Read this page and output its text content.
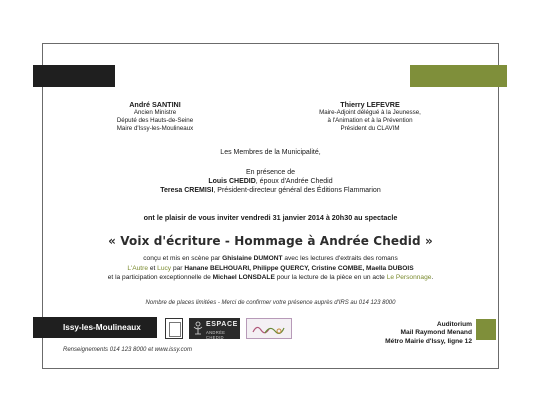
André SANTINI
Ancien Ministre
Député des Hauts-de-Seine
Maire d'Issy-les-Moulineaux
Thierry LEFEVRE
Maire-Adjoint délégué à la Jeunesse,
à l'Animation et à la Prévention
Président du CLAVIM
Les Membres de la Municipalité,
En présence de
Louis CHEDID, époux d'Andrée Chedid
Teresa CREMISI, Président-directeur général des Éditions Flammarion
ont le plaisir de vous inviter vendredi 31 janvier 2014 à 20h30 au spectacle
« Voix d'écriture - Hommage à Andrée Chedid »
conçu et mis en scène par Ghislaine DUMONT avec les lectures d'extraits des romans
L'Autre et Lucy par Hanane BELHOUARI, Philippe QUERCY, Cristine COMBE, Maella DUBOIS
et la participation exceptionnelle de Michael LONSDALE pour la lecture de la pièce en un acte Le Personnage.
Nombre de places limitées - Merci de confirmer votre présence auprès d'IRS au 014 123 8000
Issy-les-Moulineaux	ESPACE
ANDRÉE CHEDID
Auditorium
Mail Raymond Menand
Métro Mairie d'Issy, ligne 12
Renseignements 014 123 8000 et www.issy.com
